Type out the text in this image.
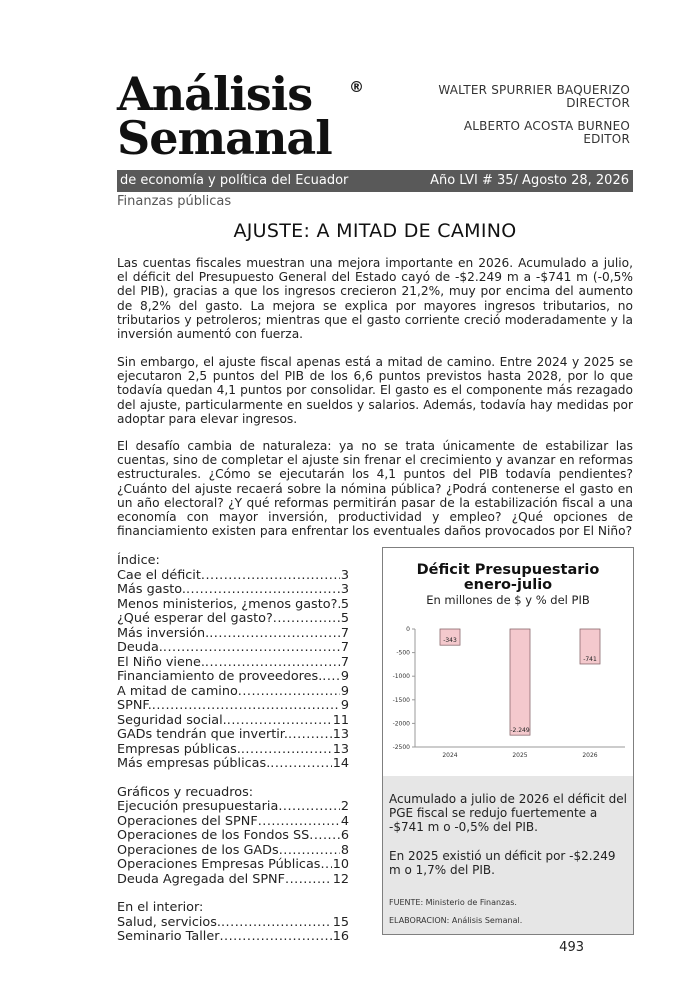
Análisis
Semanal
®	WALTER SPURRIER BAQUERIZO
DIRECTOR
ALBERTO ACOSTA BURNEO
EDITOR
de economía y política del Ecuador	Año LVI # 35/ Agosto 28, 2026
Finanzas públicas
AJUSTE: A MITAD DE CAMINO

Las cuentas fiscales muestran una mejora importante en 2026. Acumulado a julio, el déficit del Presupuesto General del Estado cayó de -$2.249 m a -$741 m (-0,5% del PIB), gracias a que los ingresos crecieron 21,2%, muy por encima del aumento de 8,2% del gasto. La mejora se explica por mayores ingresos tributarios, no tributarios y petroleros; mientras que el gasto corriente creció moderadamente y la inversión aumentó con fuerza.

Sin embargo, el ajuste fiscal apenas está a mitad de camino. Entre 2024 y 2025 se ejecutaron 2,5 puntos del PIB de los 6,6 puntos previstos hasta 2028, por lo que todavía quedan 4,1 puntos por consolidar. El gasto es el componente más rezagado del ajuste, particularmente en sueldos y salarios. Además, todavía hay medidas por adoptar para elevar ingresos.

El desafío cambia de naturaleza: ya no se trata únicamente de estabilizar las cuentas, sino de completar el ajuste sin frenar el crecimiento y avanzar en reformas estructurales. ¿Cómo se ejecutarán los 4,1 puntos del PIB todavía pendientes? ¿Cuánto del ajuste recaerá sobre la nómina pública? ¿Podrá contenerse el gasto en un año electoral? ¿Y qué reformas permitirán pasar de la estabilización fiscal a una economía con mayor inversión, productividad y empleo? ¿Qué opciones de financiamiento existen para enfrentar los eventuales daños provocados por El Niño?

Índice:
Cae el déficit .....	3
Más gasto. .....	3
Menos ministerios, ¿menos gasto? ..... 5
¿Qué esperar del gasto? .....	5
Más inversión. .....	7
Deuda. .....	7
El Niño viene. .....	7
Financiamiento de proveedores. ..... 9
A mitad de camino .....	9
SPNF. .....	9
Seguridad social. .....	11
GADs tendrán que invertir. .....	13
Empresas públicas. .....	13
Más empresas públicas. .....	14
Gráficos y recuadros:
Ejecución presupuestaria .....	2
Operaciones del SPNF .....	4
Operaciones de los Fondos SS ..... 6
Operaciones de los GADs .....	8
Operaciones Empresas Públicas ..... 10
Deuda Agregada del SPNF .....	12
En el interior:
Salud, servicios. .....	15
Seminario Taller .....	16
Déficit Presupuestario
enero-julio
En millones de $ y % del PIB
0
-500
-1000
-1500
-2000
-2500
-343
2024
-2.249
2025
-741
2026

Acumulado a julio de 2026 el déficit del PGE fiscal se redujo fuertemente a -$741 m o -0,5% del PIB.

En 2025 existió un déficit por -$2.249 m o 1,7% del PIB.

FUENTE: Ministerio de Finanzas.

ELABORACION: Análisis Semanal.

493
